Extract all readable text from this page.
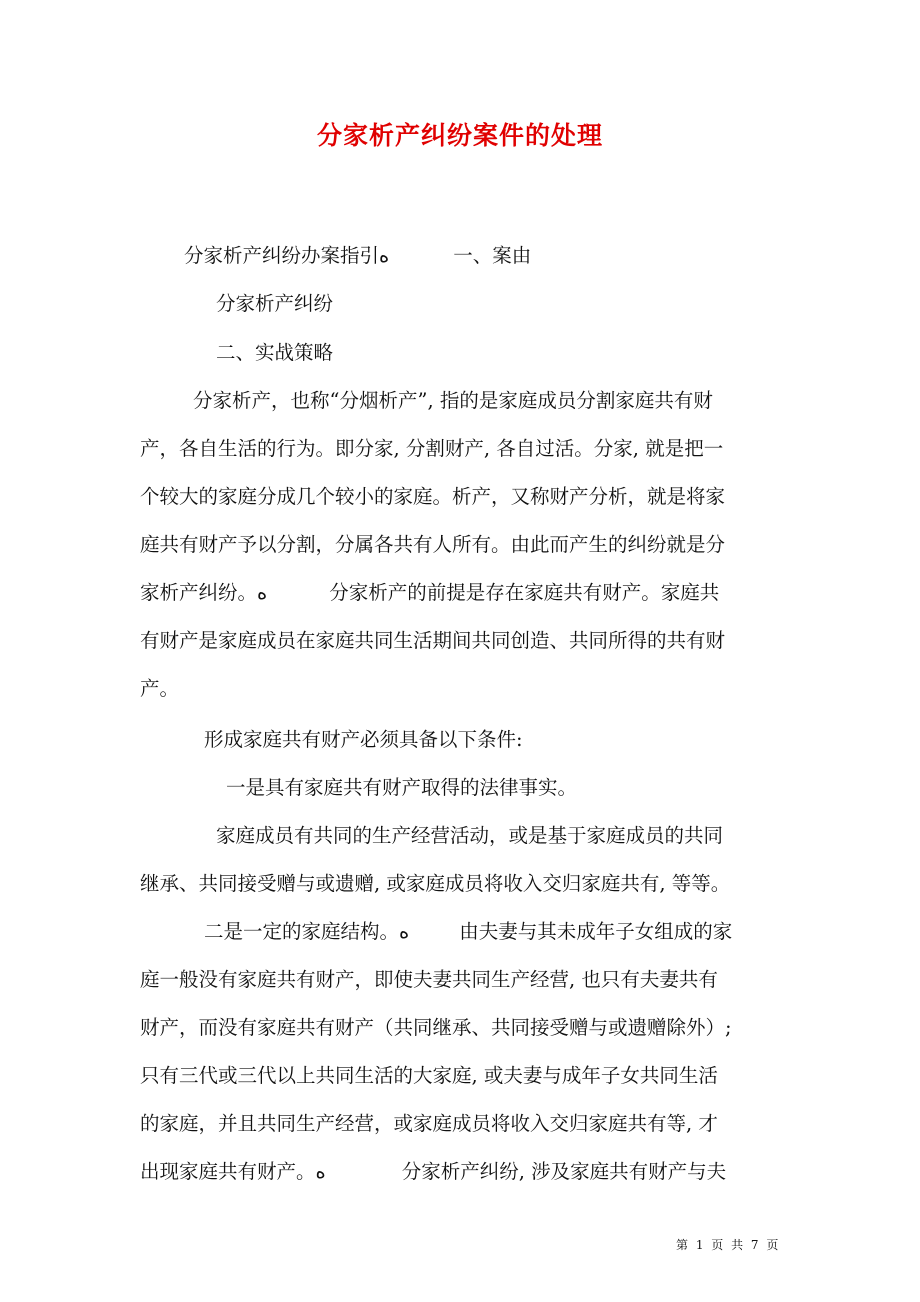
分家析产纠纷案件的处理
分家析产纠纷办案指引ﻩ	一、案由
分家析产纠纷
二、实战策略
分家析产，也称“分烟析产”, 指的是家庭成员分割家庭共有财
产，各自生活的行为。即分家, 分割财产, 各自过活。分家, 就是把一
个较大的家庭分成几个较小的家庭。析产，又称财产分析，就是将家
庭共有财产予以分割，分属各共有人所有。由此而产生的纠纷就是分
家析产纠纷。ﻩ	分家析产的前提是存在家庭共有财产。家庭共
有财产是家庭成员在家庭共同生活期间共同创造、共同所得的共有财
产。
形成家庭共有财产必须具备以下条件:
一是具有家庭共有财产取得的法律事实。
家庭成员有共同的生产经营活动，或是基于家庭成员的共同
继承、共同接受赠与或遗赠, 或家庭成员将收入交归家庭共有, 等等。
二是一定的家庭结构。ﻩ	由夫妻与其未成年子女组成的家
庭一般没有家庭共有财产，即使夫妻共同生产经营, 也只有夫妻共有
财产，而没有家庭共有财产（共同继承、共同接受赠与或遗赠除外）;
只有三代或三代以上共同生活的大家庭, 或夫妻与成年子女共同生活
的家庭，并且共同生产经营，或家庭成员将收入交归家庭共有等, 才
出现家庭共有财产。ﻩ	分家析产纠纷, 涉及家庭共有财产与夫
第 1 页 共 7 页
